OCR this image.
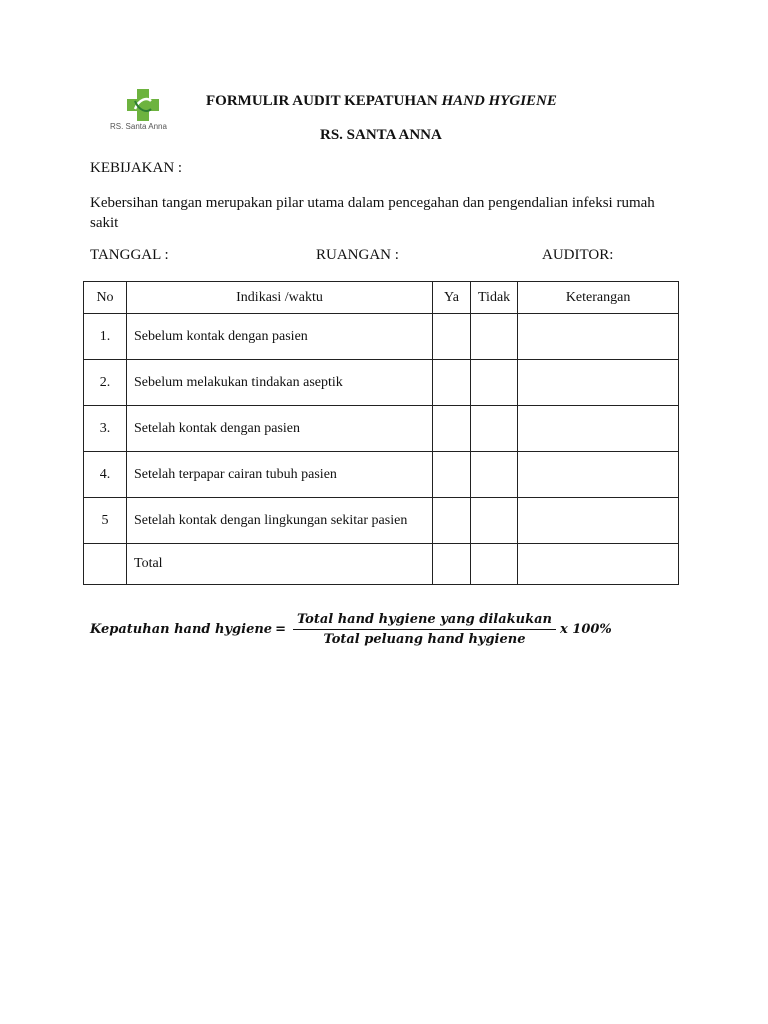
RS. Santa Anna
FORMULIR AUDIT KEPATUHAN HAND HYGIENE
RS. SANTA ANNA
KEBIJAKAN :
Kebersihan tangan merupakan pilar utama dalam pencegahan dan pengendalian infeksi rumah sakit
TANGGAL :	RUANGAN :	AUDITOR:
No	Indikasi /waktu	Ya	Tidak	Keterangan
1.	Sebelum kontak dengan pasien			
2.	Sebelum melakukan tindakan aseptik			
3.	Setelah kontak dengan pasien			
4.	Setelah terpapar cairan tubuh pasien			
5	Setelah kontak dengan lingkungan sekitar pasien			
	Total			
Kepatuhan hand hygiene = $\frac{\text{Total hand hygiene yang dilakukan}}{\text{Total peluang hand hygiene}}$ x 100%
